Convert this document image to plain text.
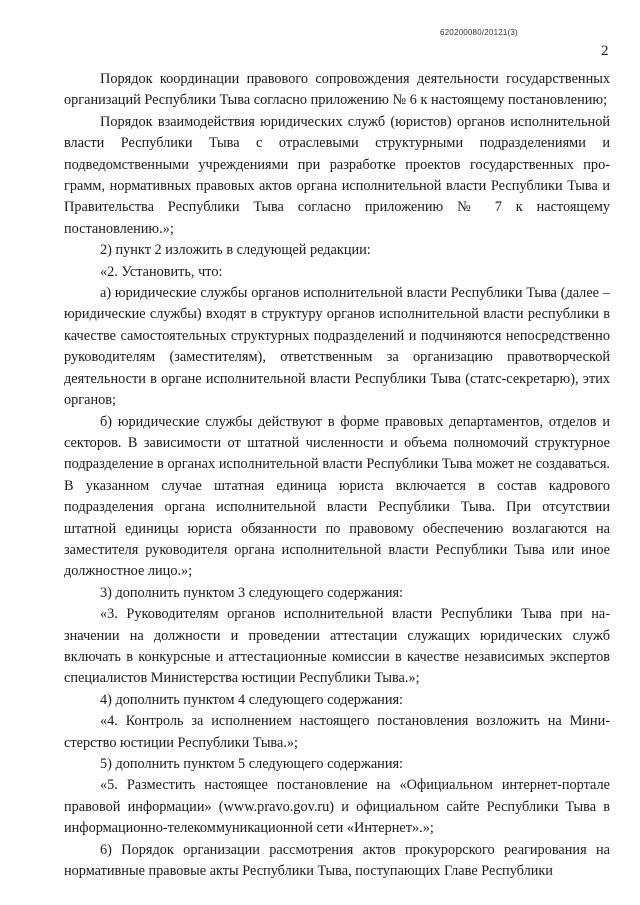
620200080/20121(3)
2

Порядок координации правового сопровождения деятельности государственных организаций Республики Тыва согласно приложению № 6 к настоящему постановлению;

Порядок взаимодействия юридических служб (юристов) органов исполнительной власти Республики Тыва с отраслевыми структурными подразделениями и подведомственными учреждениями при разработке проектов государственных программ, нормативных правовых актов органа исполнительной власти Республики Тыва и Правительства Республики Тыва согласно приложению № 7 к настоящему постановлению.»;

2) пункт 2 изложить в следующей редакции:

«2. Установить, что:

а) юридические службы органов исполнительной власти Республики Тыва (далее – юридические службы) входят в структуру органов исполнительной власти республики в качестве самостоятельных структурных подразделений и подчиняются непосредственно руководителям (заместителям), ответственным за организацию правотворческой деятельности в органе исполнительной власти Республики Тыва (статс-секретарю), этих органов;

б) юридические службы действуют в форме правовых департаментов, отделов и секторов. В зависимости от штатной численности и объема полномочий структурное подразделение в органах исполнительной власти Республики Тыва может не создаваться. В указанном случае штатная единица юриста включается в состав кадрового подразделения органа исполнительной власти Республики Тыва. При отсутствии штатной единицы юриста обязанности по правовому обеспечению возлагаются на заместителя руководителя органа исполнительной власти Республики Тыва или иное должностное лицо.»;

3) дополнить пунктом 3 следующего содержания:

«3. Руководителям органов исполнительной власти Республики Тыва при назначении на должности и проведении аттестации служащих юридических служб включать в конкурсные и аттестационные комиссии в качестве независимых экспертов специалистов Министерства юстиции Республики Тыва.»;

4) дополнить пунктом 4 следующего содержания:

«4. Контроль за исполнением настоящего постановления возложить на Министерство юстиции Республики Тыва.»;

5) дополнить пунктом 5 следующего содержания:

«5. Разместить настоящее постановление на «Официальном интернет-портале правовой информации» (www.pravo.gov.ru) и официальном сайте Республики Тыва в информационно-телекоммуникационной сети «Интернет».»;

6) Порядок организации рассмотрения актов прокурорского реагирования на нормативные правовые акты Республики Тыва, поступающих Главе Республики
